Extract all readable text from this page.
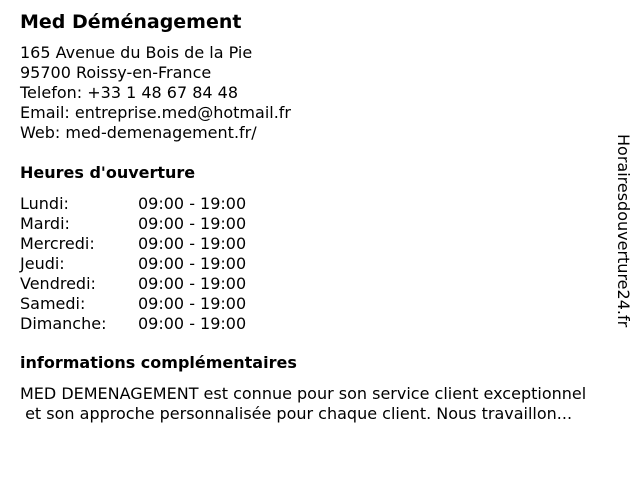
Med Déménagement
165 Avenue du Bois de la Pie
95700 Roissy-en-France
Telefon: +33 1 48 67 84 48
Email: entreprise.med@hotmail.fr
Web: med-demenagement.fr/
Heures d'ouverture
Lundi:	09:00 - 19:00
Mardi:	09:00 - 19:00
Mercredi:	09:00 - 19:00
Jeudi:	09:00 - 19:00
Vendredi:	09:00 - 19:00
Samedi:	09:00 - 19:00
Dimanche:	09:00 - 19:00
informations complémentaires
MED DEMENAGEMENT est connue pour son service client exceptionnel
et son approche personnalisée pour chaque client. Nous travaillon...
Horairesdouverture24.fr
